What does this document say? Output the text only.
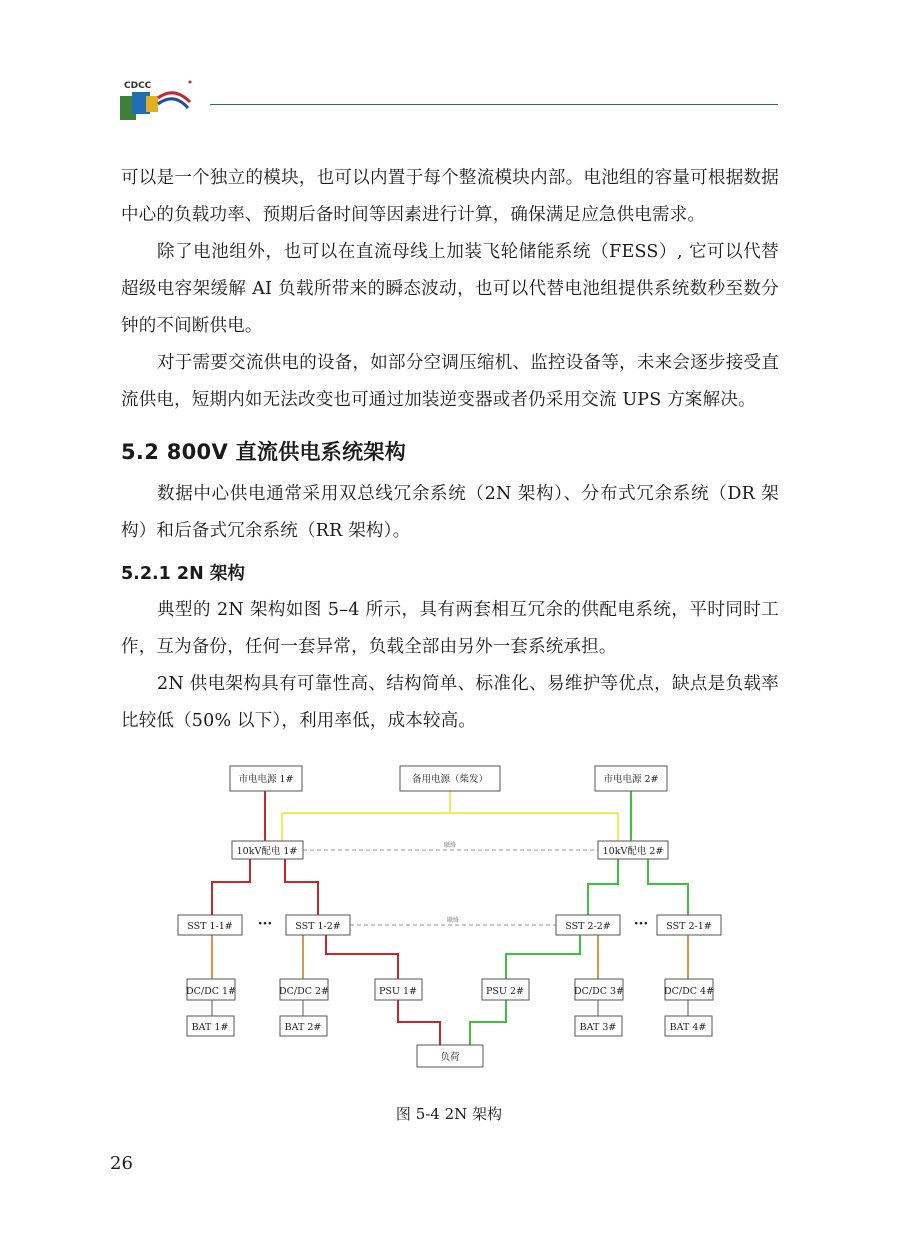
CDCC

可以是一个独立的模块，也可以内置于每个整流模块内部。电池组的容量可根据数据中心的负载功率、预期后备时间等因素进行计算，确保满足应急供电需求。

除了电池组外，也可以在直流母线上加装飞轮储能系统（FESS）, 它可以代替超级电容架缓解 AI 负载所带来的瞬态波动，也可以代替电池组提供系统数秒至数分钟的不间断供电。

对于需要交流供电的设备，如部分空调压缩机、监控设备等，未来会逐步接受直流供电，短期内如无法改变也可通过加装逆变器或者仍采用交流 UPS 方案解决。

5.2 800V 直流供电系统架构

数据中心供电通常采用双总线冗余系统（2N 架构）、分布式冗余系统（DR 架构）和后备式冗余系统（RR 架构）。

5.2.1 2N 架构

典型的 2N 架构如图 5–4 所示，具有两套相互冗余的供配电系统，平时同时工作，互为备份，任何一套异常，负载全部由另外一套系统承担。

2N 供电架构具有可靠性高、结构简单、标准化、易维护等优点，缺点是负载率比较低（50% 以下），利用率低，成本较高。

联络
联络
···	···
市电电源 1#	备用电源（柴发）	市电电源 2#
10kV配电 1#	10kV配电 2#
SST 1-1#	SST 1-2#	SST 2-2#	SST 2-1#
DC/DC 1#	DC/DC 2#	PSU 1#	PSU 2#	DC/DC 3#	DC/DC 4#
BAT 1#	BAT 2#	BAT 3#	BAT 4#
负荷
图 5-4 2N 架构
26
